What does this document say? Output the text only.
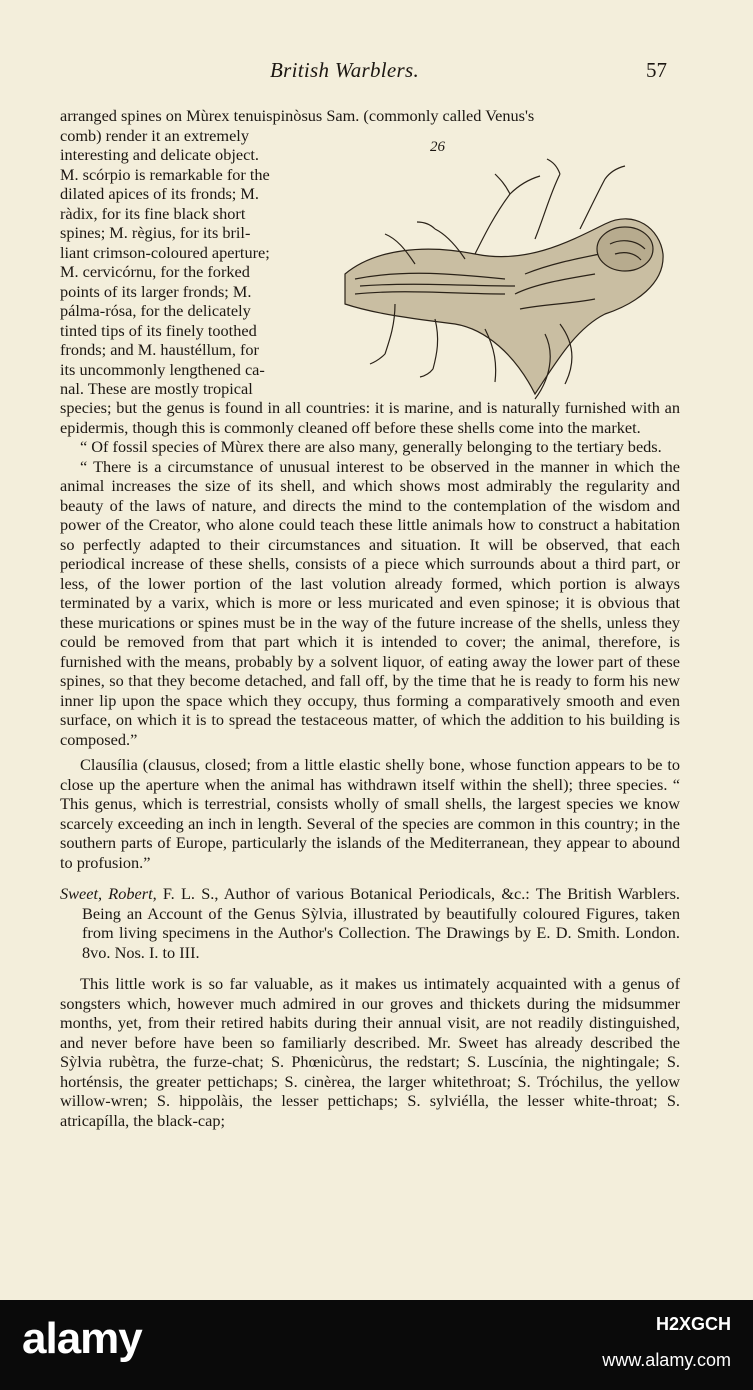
British Warblers.	57
arranged spines on Mùrex tenuispinòsus Sam. (commonly called Venus's
26
comb) render it an extremely
interesting and delicate object.
M. scórpio is remarkable for the
dilated apices of its fronds; M.
ràdix, for its fine black short
spines; M. règius, for its bril-
liant crimson-coloured aperture;
M. cervicórnu, for the forked
points of its larger fronds; M.
pálma-rósa, for the delicately
tinted tips of its finely toothed
fronds; and M. haustéllum, for
its uncommonly lengthened ca-
nal. These are mostly tropical

species; but the genus is found in all countries: it is marine, and is naturally furnished with an epidermis, though this is commonly cleaned off before these shells come into the market.

“ Of fossil species of Mùrex there are also many, generally belonging to the tertiary beds.

“ There is a circumstance of unusual interest to be observed in the manner in which the animal increases the size of its shell, and which shows most admirably the regularity and beauty of the laws of nature, and directs the mind to the contemplation of the wisdom and power of the Creator, who alone could teach these little animals how to construct a habitation so perfectly adapted to their circumstances and situation. It will be observed, that each periodical increase of these shells, consists of a piece which surrounds about a third part, or less, of the lower portion of the last volution already formed, which portion is always terminated by a varix, which is more or less muricated and even spinose; it is obvious that these murications or spines must be in the way of the future increase of the shells, unless they could be removed from that part which it is intended to cover; the animal, therefore, is furnished with the means, probably by a solvent liquor, of eating away the lower part of these spines, so that they become detached, and fall off, by the time that he is ready to form his new inner lip upon the space which they occupy, thus forming a comparatively smooth and even surface, on which it is to spread the testaceous matter, of which the addition to his building is composed.”

Clausília (clausus, closed; from a little elastic shelly bone, whose function appears to be to close up the aperture when the animal has withdrawn itself within the shell); three species. “ This genus, which is terrestrial, consists wholly of small shells, the largest species we know scarcely exceeding an inch in length. Several of the species are common in this country; in the southern parts of Europe, particularly the islands of the Mediterranean, they appear to abound to profusion.”

Sweet, Robert, F. L. S., Author of various Botanical Periodicals, &c.: The British Warblers. Being an Account of the Genus Sỳlvia, illustrated by beautifully coloured Figures, taken from living specimens in the Author's Collection. The Drawings by E. D. Smith. London. 8vo. Nos. I. to III.

This little work is so far valuable, as it makes us intimately acquainted with a genus of songsters which, however much admired in our groves and thickets during the midsummer months, yet, from their retired habits during their annual visit, are not readily distinguished, and never before have been so familiarly described. Mr. Sweet has already described the Sỳlvia rubètra, the furze-chat; S. Phœnicùrus, the redstart; S. Luscínia, the nightingale; S. horténsis, the greater pettichaps; S. cinèrea, the larger whitethroat; S. Tróchilus, the yellow willow-wren; S. hippolàis, the lesser pettichaps; S. sylviélla, the lesser white-throat; S. atricapílla, the black-cap;

alamy	H2XGCH
www.alamy.com
